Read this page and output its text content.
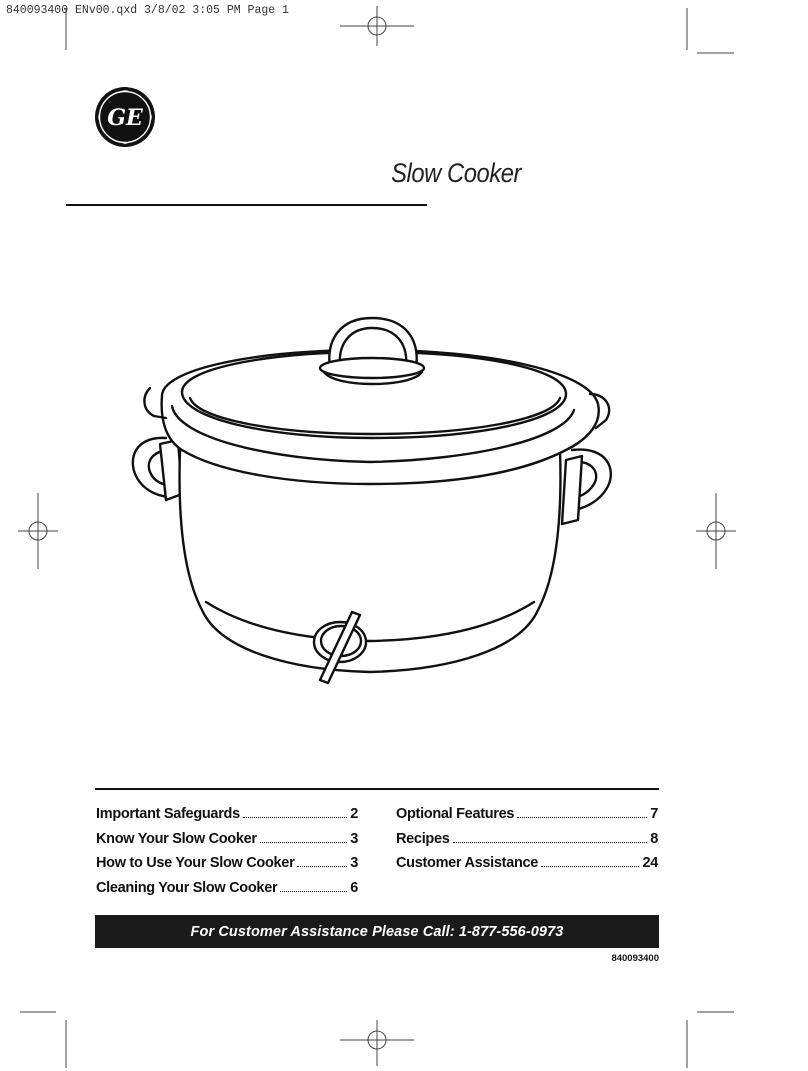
840093400 ENv00.qxd 3/8/02 3:05 PM Page 1
GE
Slow Cooker
Important Safeguards	2
Know Your Slow Cooker	3
How to Use Your Slow Cooker	3
Cleaning Your Slow Cooker	6
Optional Features	7
Recipes	8
Customer Assistance	24
For Customer Assistance Please Call: 1-877-556-0973
840093400
